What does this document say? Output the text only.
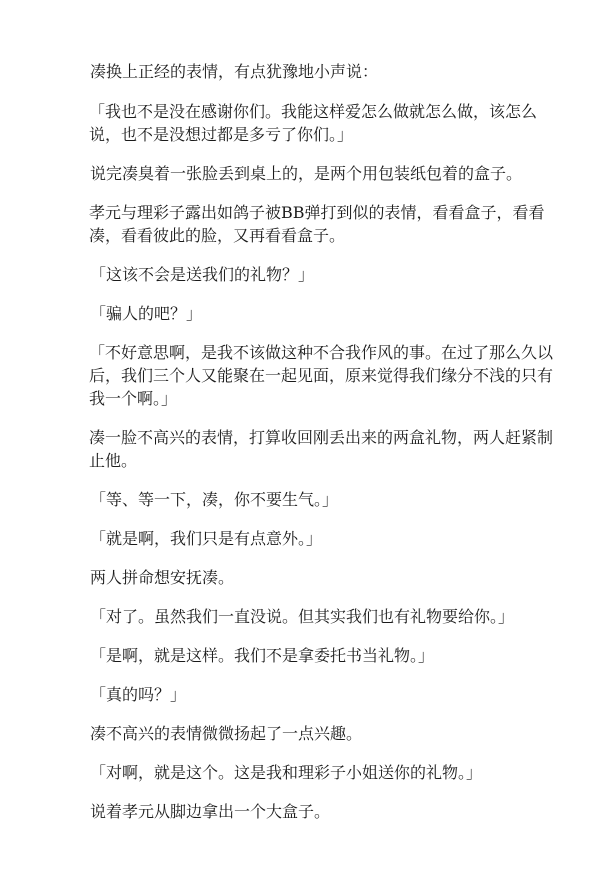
凑换上正经的表情，有点犹豫地小声说：

「我也不是没在感谢你们。我能这样爱怎么做就怎么做，该怎么说，也不是没想过都是多亏了你们。」

说完凑臭着一张脸丢到桌上的，是两个用包装纸包着的盒子。

孝元与理彩子露出如鸽子被BB弹打到似的表情，看看盒子，看看凑，看看彼此的脸，又再看看盒子。

「这该不会是送我们的礼物？」

「骗人的吧？」

「不好意思啊，是我不该做这种不合我作风的事。在过了那么久以后，我们三个人又能聚在一起见面，原来觉得我们缘分不浅的只有我一个啊。」

凑一脸不高兴的表情，打算收回刚丢出来的两盒礼物，两人赶紧制止他。

「等、等一下，凑，你不要生气。」

「就是啊，我们只是有点意外。」

两人拼命想安抚凑。

「对了。虽然我们一直没说。但其实我们也有礼物要给你。」

「是啊，就是这样。我们不是拿委托书当礼物。」

「真的吗？」

凑不高兴的表情微微扬起了一点兴趣。

「对啊，就是这个。这是我和理彩子小姐送你的礼物。」

说着孝元从脚边拿出一个大盒子。
